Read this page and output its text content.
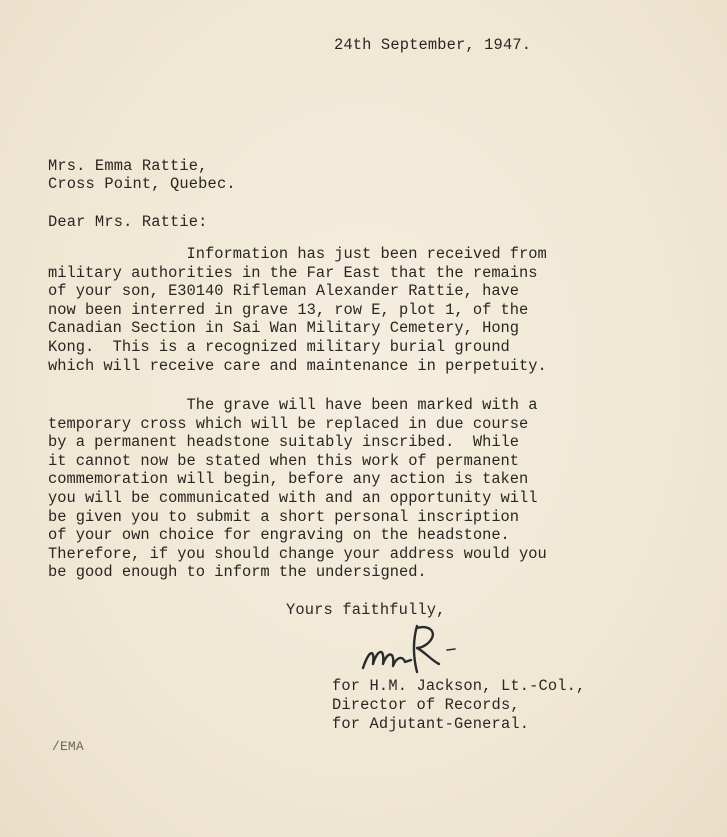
24th September, 1947.
Mrs. Emma Rattie,
Cross Point, Quebec.
Dear Mrs. Rattie:
Information has just been received from
military authorities in the Far East that the remains
of your son, E30140 Rifleman Alexander Rattie, have
now been interred in grave 13, row E, plot 1, of the
Canadian Section in Sai Wan Military Cemetery, Hong
Kong.  This is a recognized military burial ground
which will receive care and maintenance in perpetuity.
The grave will have been marked with a
temporary cross which will be replaced in due course
by a permanent headstone suitably inscribed.  While
it cannot now be stated when this work of permanent
commemoration will begin, before any action is taken
you will be communicated with and an opportunity will
be given you to submit a short personal inscription
of your own choice for engraving on the headstone.
Therefore, if you should change your address would you
be good enough to inform the undersigned.
Yours faithfully,
for H.M. Jackson, Lt.-Col.,
Director of Records,
for Adjutant-General.
/EMA
